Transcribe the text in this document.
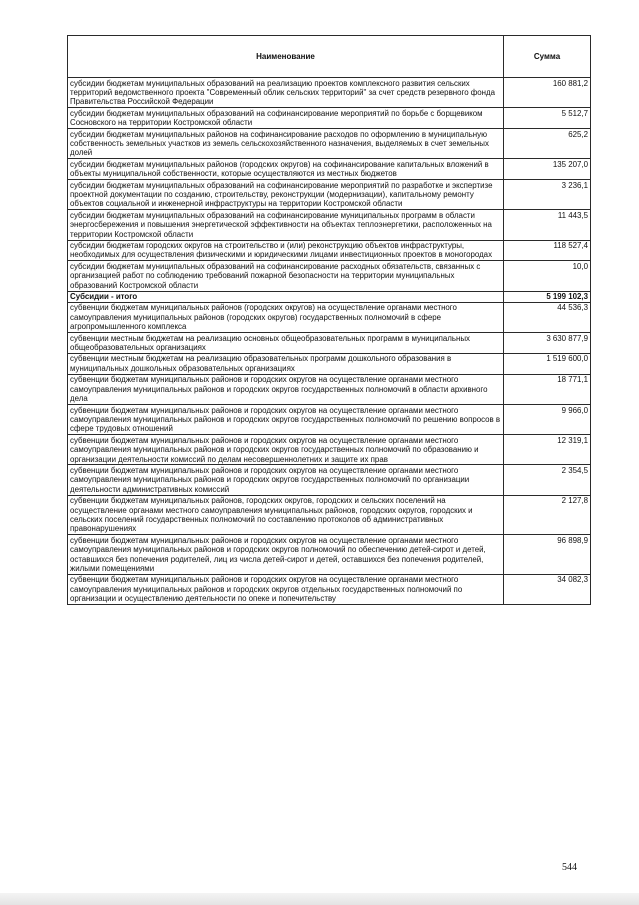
Наименование	Сумма
субсидии бюджетам муниципальных образований на реализацию проектов комплексного развития сельских территорий ведомственного проекта "Современный облик сельских территорий" за счет средств резервного фонда Правительства Российской Федерации	160 881,2
субсидии бюджетам муниципальных образований на софинансирование мероприятий по борьбе с борщевиком Сосновского на территории Костромской области	5 512,7
субсидии бюджетам муниципальных районов на софинансирование расходов по оформлению в муниципальную собственность земельных участков из земель сельскохозяйственного назначения, выделяемых в счет земельных долей	625,2
субсидии бюджетам муниципальных районов (городских округов) на софинансирование капитальных вложений в объекты муниципальной собственности, которые осуществляются из местных бюджетов	135 207,0
субсидии бюджетам муниципальных образований на софинансирование мероприятий по разработке и экспертизе проектной документации по созданию, строительству, реконструкции (модернизации), капитальному ремонту объектов социальной и инженерной инфраструктуры на территории Костромской области	3 236,1
субсидии бюджетам муниципальных образований на софинансирование муниципальных программ в области энергосбережения и повышения энергетической эффективности на объектах теплоэнергетики, расположенных на территории Костромской области	11 443,5
субсидии бюджетам городских округов на строительство и (или) реконструкцию объектов инфраструктуры, необходимых для осуществления физическими и юридическими лицами инвестиционных проектов в моногородах	118 527,4
субсидии бюджетам муниципальных образований на софинансирование расходных обязательств, связанных с организацией работ по соблюдению требований пожарной безопасности на территории муниципальных образований Костромской области	10,0
Субсидии - итого	5 199 102,3
субвенции бюджетам муниципальных районов (городских округов) на осуществление органами местного самоуправления муниципальных районов (городских округов) государственных полномочий в сфере агропромышленного комплекса	44 536,3
субвенции местным бюджетам на реализацию основных общеобразовательных программ в муниципальных общеобразовательных организациях	3 630 877,9
субвенции местным бюджетам на реализацию образовательных программ дошкольного образования в муниципальных дошкольных образовательных организациях	1 519 600,0
субвенции бюджетам муниципальных районов и городских округов на осуществление органами местного самоуправления муниципальных районов и городских округов государственных полномочий в области архивного дела	18 771,1
субвенции бюджетам муниципальных районов и городских округов на осуществление органами местного самоуправления муниципальных районов и городских округов государственных полномочий по решению вопросов в сфере трудовых отношений	9 966,0
субвенции бюджетам муниципальных районов и городских округов на осуществление органами местного самоуправления муниципальных районов и городских округов государственных полномочий по образованию и организации деятельности комиссий по делам несовершеннолетних и защите их прав	12 319,1
субвенции бюджетам муниципальных районов и городских округов на осуществление органами местного самоуправления муниципальных районов и городских округов государственных полномочий по организации деятельности административных комиссий	2 354,5
субвенции бюджетам муниципальных районов, городских округов, городских и сельских поселений на осуществление органами местного самоуправления муниципальных районов, городских округов, городских и сельских поселений государственных полномочий по составлению протоколов об административных правонарушениях	2 127,8
субвенции бюджетам муниципальных районов и городских округов на осуществление органами местного самоуправления муниципальных районов и городских округов полномочий по обеспечению детей-сирот и детей, оставшихся без попечения родителей, лиц из числа детей-сирот и детей, оставшихся без попечения родителей, жилыми помещениями	96 898,9
субвенции бюджетам муниципальных районов и городских округов на осуществление органами местного самоуправления муниципальных районов и городских округов отдельных государственных полномочий по организации и осуществлению деятельности по опеке и попечительству	34 082,3
544
